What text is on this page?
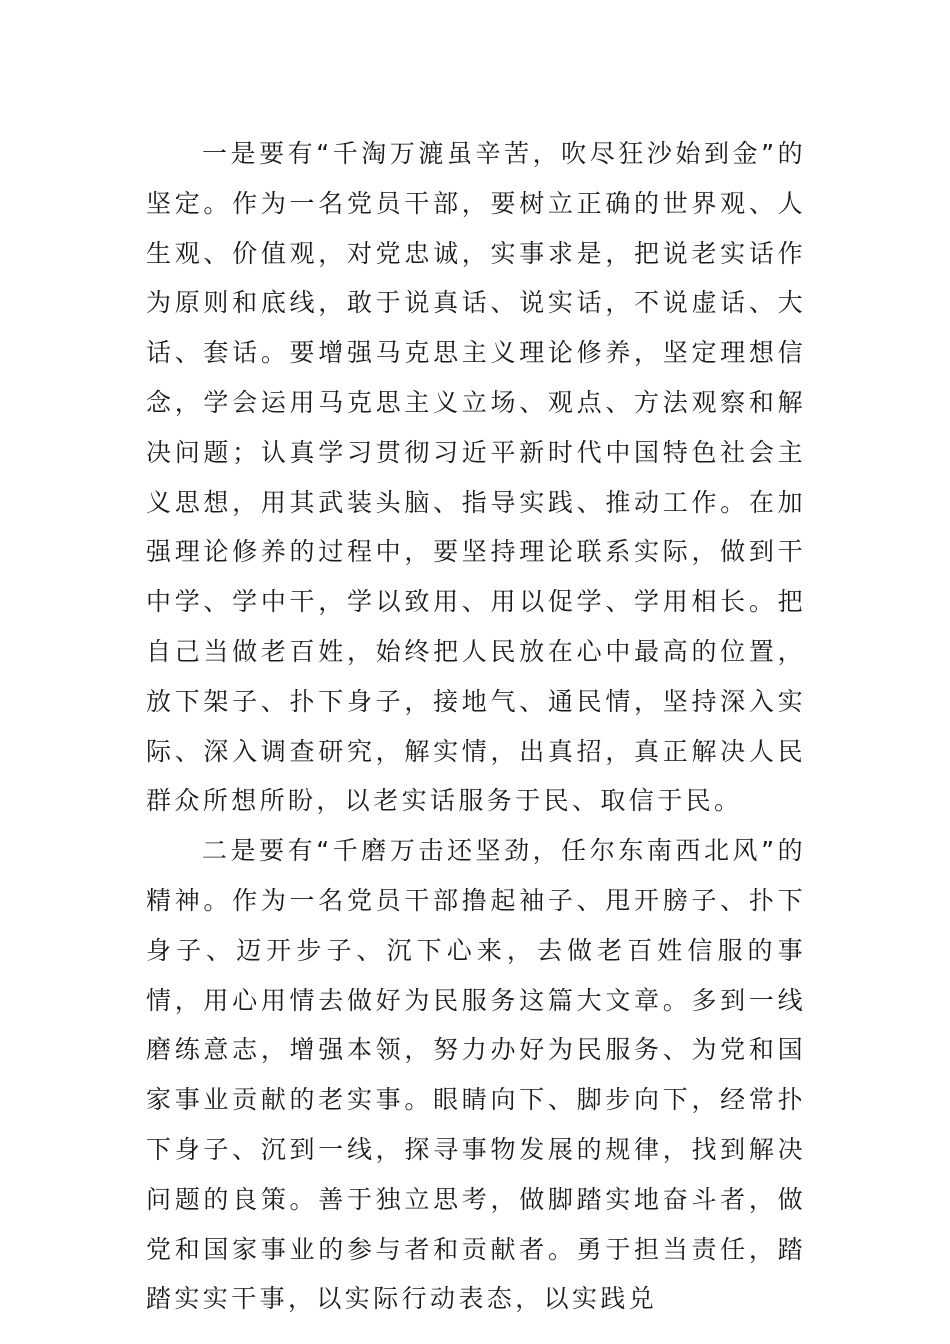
一是要有“千淘万漉虽辛苦，吹尽狂沙始到金”的坚定。作为一名党员干部，要树立正确的世界观、人生观、价值观，对党忠诚，实事求是，把说老实话作为原则和底线，敢于说真话、说实话，不说虚话、大话、套话。要增强马克思主义理论修养，坚定理想信念，学会运用马克思主义立场、观点、方法观察和解决问题；认真学习贯彻习近平新时代中国特色社会主义思想，用其武装头脑、指导实践、推动工作。在加强理论修养的过程中，要坚持理论联系实际，做到干中学、学中干，学以致用、用以促学、学用相长。把自己当做老百姓，始终把人民放在心中最高的位置，放下架子、扑下身子，接地气、通民情，坚持深入实际、深入调查研究，解实情，出真招，真正解决人民群众所想所盼，以老实话服务于民、取信于民。

二是要有“千磨万击还坚劲，任尔东南西北风”的精神。作为一名党员干部撸起袖子、甩开膀子、扑下身子、迈开步子、沉下心来，去做老百姓信服的事情，用心用情去做好为民服务这篇大文章。多到一线磨练意志，增强本领，努力办好为民服务、为党和国家事业贡献的老实事。眼睛向下、脚步向下，经常扑下身子、沉到一线，探寻事物发展的规律，找到解决问题的良策。善于独立思考，做脚踏实地奋斗者，做党和国家事业的参与者和贡献者。勇于担当责任，踏踏实实干事，以实际行动表态，以实践兑
